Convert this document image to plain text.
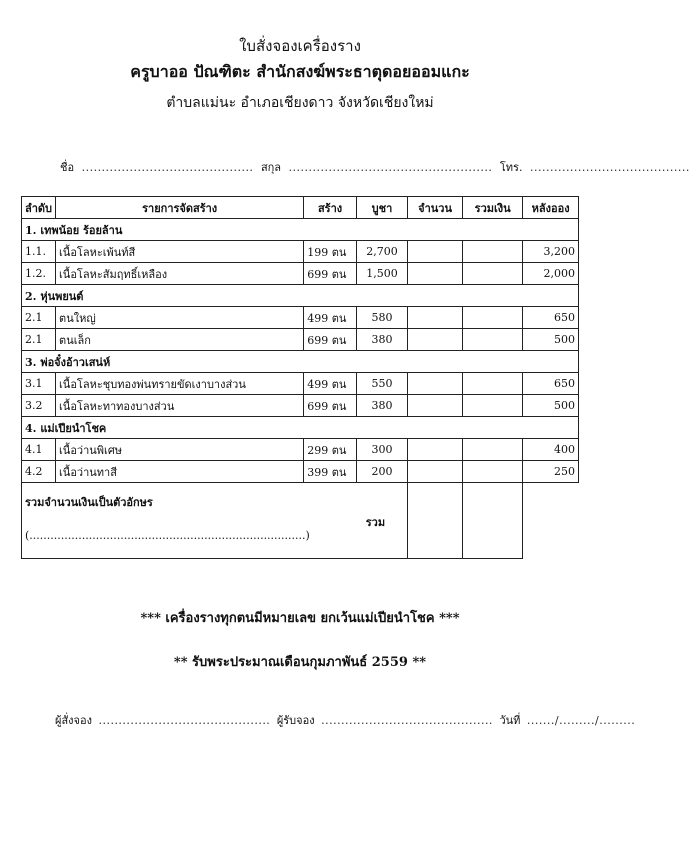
ใบสั่งจองเครื่องราง
ครูบาออ ปัณฑิตะ สำนักสงฆ์พระธาตุดอยออมแกะ
ตำบลแม่นะ อำเภอเชียงดาว จังหวัดเชียงใหม่
ชื่อ ........................................... สกุล ................................................... โทร. ........................................
ลำดับ	รายการจัดสร้าง	สร้าง	บูชา	จำนวน	รวมเงิน	หลังออง
1. เทพน้อย ร้อยล้าน						
1.1.	เนื้อโลหะเพ้นท์สี	199 ตน	2,700			3,200
1.2.	เนื้อโลหะสัมฤทธิ์เหลือง	699 ตน	1,500			2,000
2. หุ่นพยนต์						
2.1	ตนใหญ่	499 ตน	580			650
2.1	ตนเล็ก	699 ตน	380			500
3. พ่อจั๋งอ้าวเสน่ห์						
3.1	เนื้อโลหะชุบทองพ่นทรายขัดเงาบางส่วน	499 ตน	550			650
3.2	เนื้อโลหะทาทองบางส่วน	699 ตน	380			500
4. แม่เปียนำโชค						
4.1	เนื้อว่านพิเศษ	299 ตน	300			400
4.2	เนื้อว่านทาสี	399 ตน	200			250

รวมจำนวนเงินเป็นตัวอักษร
(...............................................................................)
รวม						

*** เครื่องรางทุกตนมีหมายเลข ยกเว้นแม่เปียนำโชค ***
** รับพระประมาณเดือนกุมภาพันธ์ 2559 **
ผู้สั่งจอง ........................................... ผู้รับจอง ........................................... วันที่ ......./........./.........
